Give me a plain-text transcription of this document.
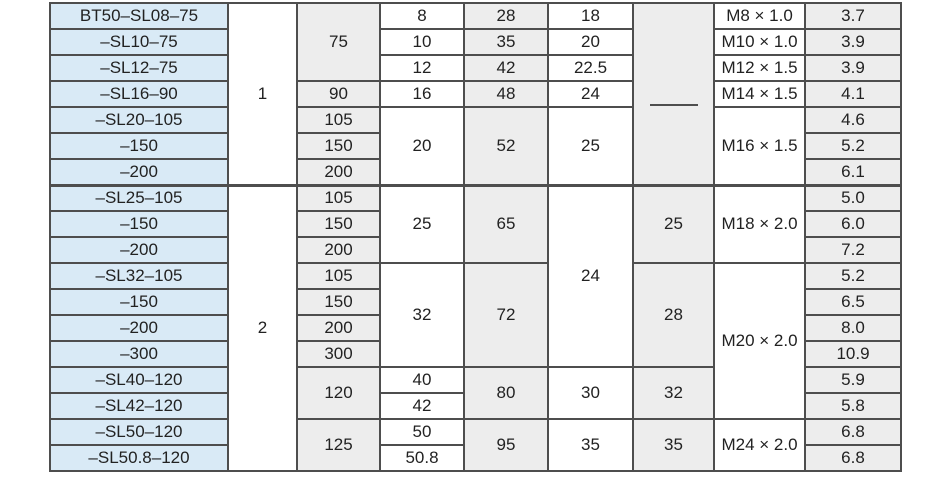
BT50–SL08–75	1	75	8	28	18		M8 × 1.0	3.7
–SL10–75			10	35	20		M10 × 1.0	3.9
–SL12–75			12	42	22.5		M12 × 1.5	3.9
–SL16–90		90	16	48	24		M14 × 1.5	4.1
–SL20–105		105	20	52	25		M16 × 1.5	4.6
–150		150						5.2
–200		200						6.1
–SL25–105	2	105	25	65	24	25	M18 × 2.0	5.0
–150		150						6.0
–200		200						7.2
–SL32–105		105	32	72		28	M20 × 2.0	5.2
–150		150						6.5
–200		200						8.0
–300		300						10.9
–SL40–120		120	40	80	30	32		5.9
–SL42–120			42					5.8
–SL50–120		125	50	95	35	35	M24 × 2.0	6.8
–SL50.8–120			50.8					6.8
